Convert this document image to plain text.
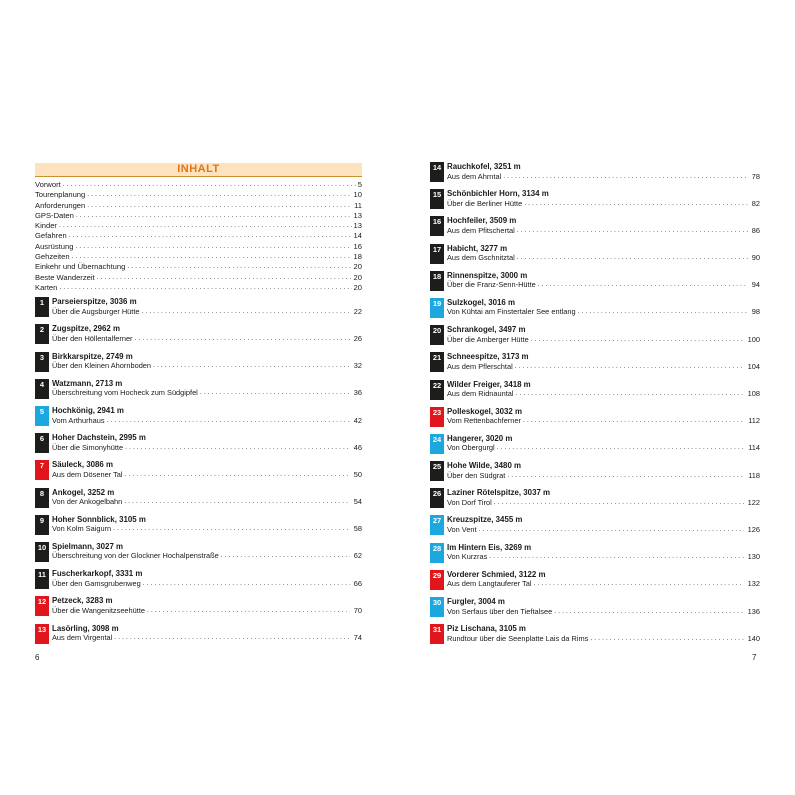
INHALT
Vorwort . . .	5
Tourenplanung . . .	10
Anforderungen . . .	11
GPS-Daten . . .	13
Kinder . . .	13
Gefahren . . .	14
Ausrüstung . . .	16
Gehzeiten . . .	18
Einkehr und Übernachtung . . .	20
Beste Wanderzeit . . .	20
Karten . . .	20
1	Parseierspitze, 3036 m
Über die Augsburger Hütte . . .	22
2	Zugspitze, 2962 m
Über den Höllentalferner . . .	26
3	Birkkarspitze, 2749 m
Über den Kleinen Ahornboden . . .	32
4	Watzmann, 2713 m
Überschreitung vom Hocheck zum Südgipfel . . .	36
5	Hochkönig, 2941 m
Vom Arthurhaus . . .	42
6	Hoher Dachstein, 2995 m
Über die Simonyhütte . . .	46
7	Säuleck, 3086 m
Aus dem Dösener Tal . . .	50
8	Ankogel, 3252 m
Von der Ankogelbahn . . .	54
9	Hoher Sonnblick, 3105 m
Von Kolm Saigurn . . .	58
10 Spielmann, 3027 m
Überschreitung von der Glockner Hochalpenstraße . . .	62
11 Fuscherkarkopf, 3331 m
Über den Gamsgrubenweg . . .	66
12 Petzeck, 3283 m
Über die Wangenitzseehütte . . .	70
13 Lasörling, 3098 m
Aus dem Virgental . . .	74
14 Rauchkofel, 3251 m
Aus dem Ahrntal . . .	78
15 Schönbichler Horn, 3134 m
Über die Berliner Hütte . . .	82
16 Hochfeiler, 3509 m
Aus dem Pfitschertal . . .	86
17 Habicht, 3277 m
Aus dem Gschnitztal . . .	90
18 Rinnenspitze, 3000 m
Über die Franz-Senn-Hütte . . .	94
19 Sulzkogel, 3016 m
Von Kühtai am Finstertaler See entlang . . .	98
20 Schrankogel, 3497 m
Über die Amberger Hütte . . .	100
21 Schneespitze, 3173 m
Aus dem Pflerschtal . . .	104
22 Wilder Freiger, 3418 m
Aus dem Ridnauntal . . .	108
23 Polleskogel, 3032 m
Vom Rettenbachferner . . .	112
24 Hangerer, 3020 m
Von Obergurgl . . .	114
25 Hohe Wilde, 3480 m
Über den Südgrat . . .	118
26 Laziner Rötelspitze, 3037 m
Von Dorf Tirol . . .	122
27 Kreuzspitze, 3455 m
Von Vent . . .	126
28 Im Hintern Eis, 3269 m
Von Kurzras . . .	130
29 Vorderer Schmied, 3122 m
Aus dem Langtauferer Tal . . .	132
30 Furgler, 3004 m
Von Serfaus über den Tieftalsee . . .	136
31 Piz Lischana, 3105 m
Rundtour über die Seenplatte Lais da Rims . . .	140
6	7
